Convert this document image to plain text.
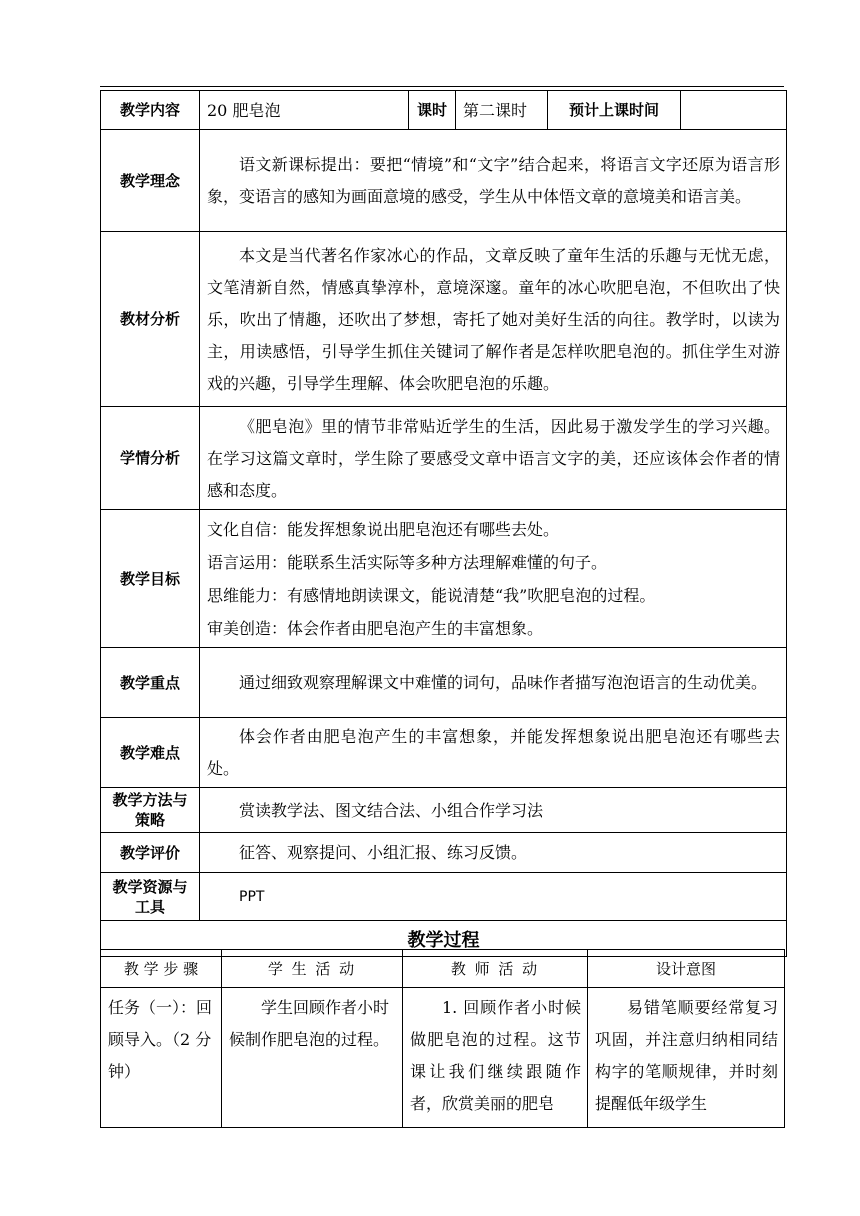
教学内容	20 肥皂泡	课时	第二课时	预计上课时间	
教学理念	语文新课标提出：要把“情境”和“文字”结合起来，将语言文字还原为语言形象，变语言的感知为画面意境的感受，学生从中体悟文章的意境美和语言美。				

教材分析	本文是当代著名作家冰心的作品，文章反映了童年生活的乐趣与无忧无虑，文笔清新自然，情感真挚淳朴，意境深邃。童年的冰心吹肥皂泡，不但吹出了快乐，吹出了情趣，还吹出了梦想，寄托了她对美好生活的向往。教学时，以读为主，用读感悟，引导学生抓住关键词了解作者是怎样吹肥皂泡的。抓住学生对游戏的兴趣，引导学生理解、体会吹肥皂泡的乐趣。				

学情分析	《肥皂泡》里的情节非常贴近学生的生活，因此易于激发学生的学习兴趣。在学习这篇文章时，学生除了要感受文章中语言文字的美，还应该体会作者的情感和态度。				

教学目标	文化自信：能发挥想象说出肥皂泡还有哪些去处。

语言运用：能联系生活实际等多种方法理解难懂的句子。

思维能力：有感情地朗读课文，能说清楚“我”吹肥皂泡的过程。

审美创造：体会作者由肥皂泡产生的丰富想象。				

教学重点	通过细致观察理解课文中难懂的词句，品味作者描写泡泡语言的生动优美。				

教学难点	体会作者由肥皂泡产生的丰富想象，并能发挥想象说出肥皂泡还有哪些去处。				

教学方法与策略	赏读教学法、图文结合法、小组合作学习法				

教学评价	征答、观察提问、小组汇报、练习反馈。				

教学资源与工具	PPT				

教学过程					
教 学 步 骤	学 生 活 动	教 师 活 动	设计意图
任务（一）：回顾导入。（2 分钟）	学生回顾作者小时候制作肥皂泡的过程。	1. 回顾作者小时候做肥皂泡的过程。这节课让我们继续跟随作者，欣赏美丽的肥皂	易错笔顺要经常复习巩固，并注意归纳相同结构字的笔顺规律，并时刻提醒低年级学生
